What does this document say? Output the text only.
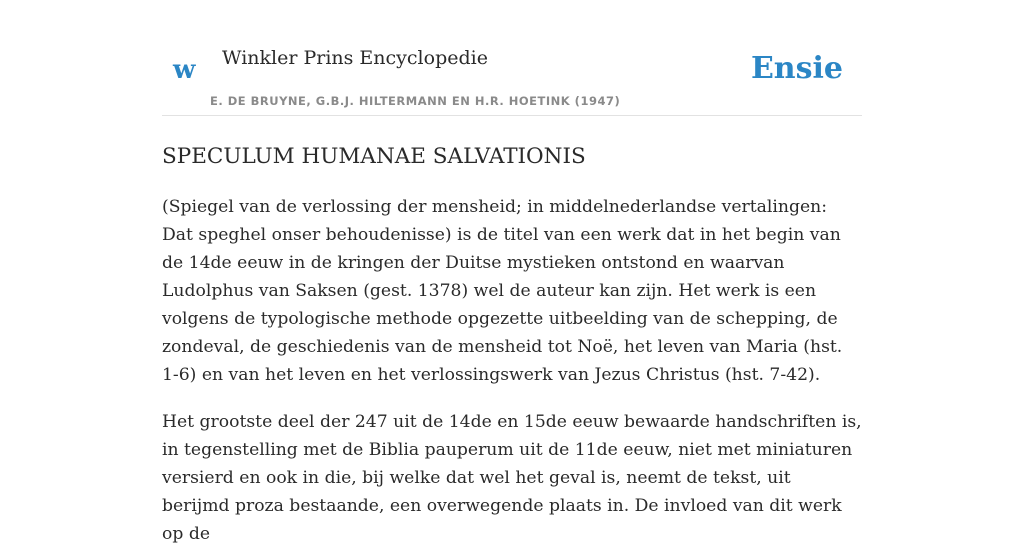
w Winkler Prins Encyclopedie
E. DE BRUYNE, G.B.J. HILTERMANN EN H.R. HOETINK (1947)
Ensie
SPECULUM HUMANAE SALVATIONIS

(Spiegel van de verlossing der mensheid; in middelnederlandse vertalingen: Dat speghel onser behoudenisse) is de titel van een werk dat in het begin van de 14de eeuw in de kringen der Duitse mystieken ontstond en waarvan Ludolphus van Saksen (gest. 1378) wel de auteur kan zijn. Het werk is een volgens de typologische methode opgezette uitbeelding van de schepping, de zondeval, de geschiedenis van de mensheid tot Noë, het leven van Maria (hst. 1-6) en van het leven en het verlossingswerk van Jezus Christus (hst. 7-42).

Het grootste deel der 247 uit de 14de en 15de eeuw bewaarde handschriften is, in tegenstelling met de Biblia pauperum uit de 11de eeuw, niet met miniaturen versierd en ook in die, bij welke dat wel het geval is, neemt de tekst, uit berijmd proza bestaande, een overwegende plaats in. De invloed van dit werk op de
